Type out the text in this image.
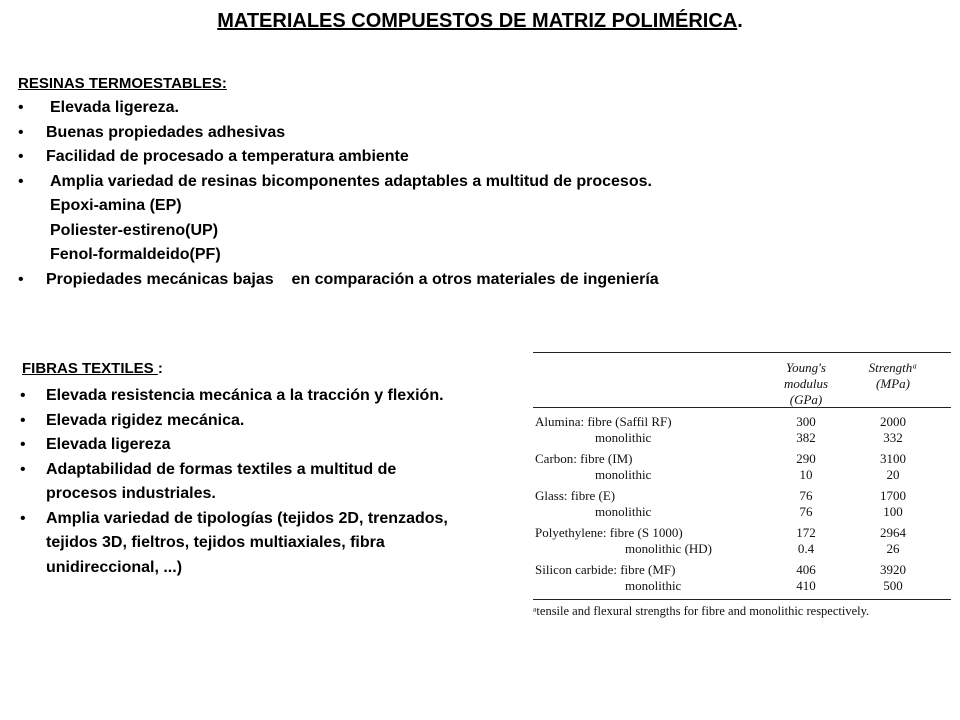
MATERIALES COMPUESTOS DE MATRIZ POLIMÉRICA.
RESINAS TERMOESTABLES:
• Elevada ligereza.
• Buenas propiedades adhesivas
• Facilidad de procesado a temperatura ambiente
• Amplia variedad de resinas bicomponentes adaptables a multitud de procesos.
Epoxi-amina (EP)
Poliester-estireno(UP)
Fenol-formaldeido(PF)
• Propiedades mecánicas bajas    en comparación a otros materiales de ingeniería
FIBRAS TEXTILES :
• Elevada resistencia mecánica a la tracción y flexión.
• Elevada rigidez mecánica.
• Elevada ligereza
• Adaptabilidad de formas textiles a multitud de procesos industriales.
• Amplia variedad de tipologías (tejidos 2D, trenzados, tejidos 3D, fieltros, tejidos multiaxiales, fibra unidireccional, ...)
Young's modulus (GPa)
Strengthᵃ (MPa)
Alumina: fibre (Saffil RF)	300	2000
monolithic	382	332
Carbon: fibre (IM)	290	3100
monolithic	10	20
Glass: fibre (E)	76	1700
monolithic	76	100
Polyethylene: fibre (S 1000)	172	2964
monolithic (HD)	0.4	26
Silicon carbide: fibre (MF)	406	3920
monolithic	410	500
ᵃtensile and flexural strengths for fibre and monolithic respectively.
